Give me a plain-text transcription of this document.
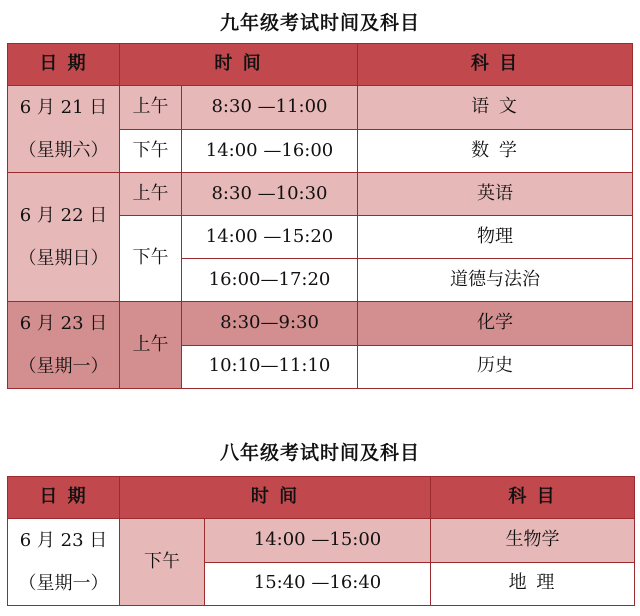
九年级考试时间及科目
日 期	时 间		科 目

6 月 21 日
（星期六）	上午	8:30 —11:00	语 文
	下午	14:00 —16:00	数 学

6 月 22 日
（星期日）	上午	8:30 —10:30	英语
	下午	14:00 —15:20	物理
		16:00—17:20	道德与法治

6 月 23 日
（星期一）	上午	8:30—9:30	化学
		10:10—11:10	历史
八年级考试时间及科目
日 期	时 间		科 目

6 月 23 日
（星期一）	下午	14:00 —15:00	生物学
		15:40 —16:40	地 理
